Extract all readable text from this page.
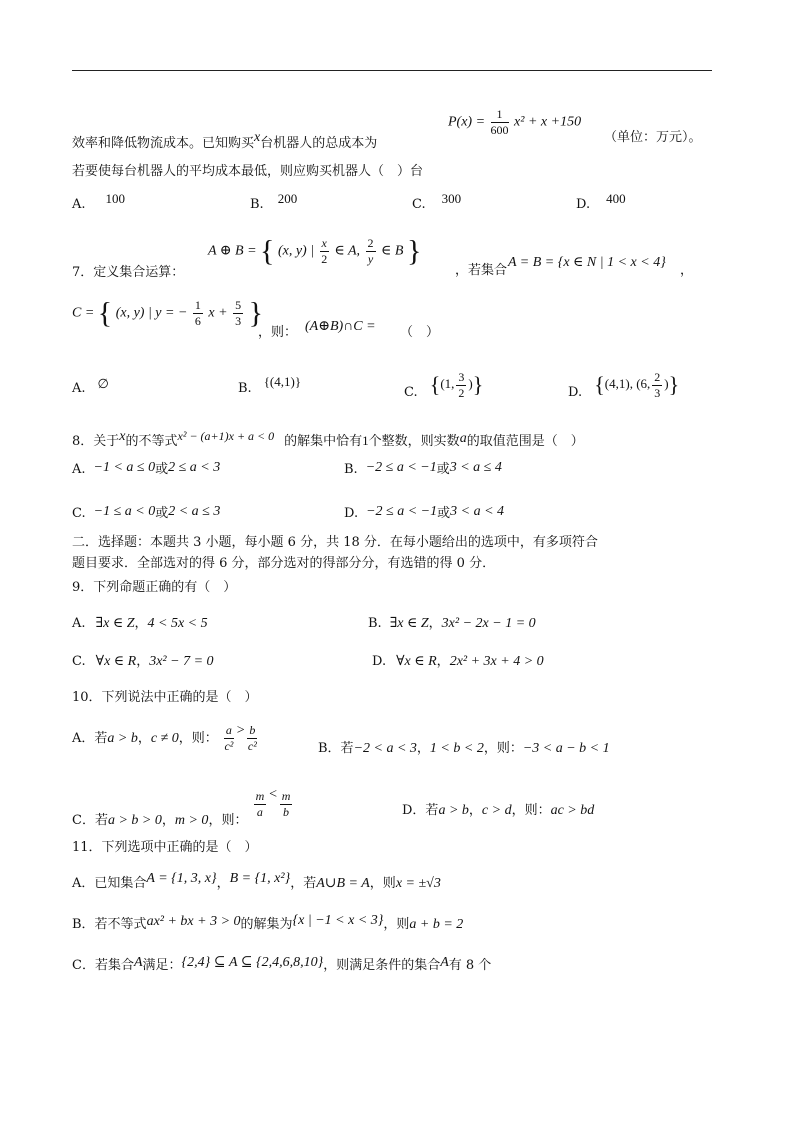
$P(x) = \frac{1}{600} x^2 + x +150$
效率和降低物流成本。已知购买x台机器人的总成本为	（单位：万元）。
若要使每台机器人的平均成本最低，则应购买机器人（　）台
A. 100	B. 200	C. 300	D. 400
7．定义集合运算：
A ⊕ B = { (x, y) | $\frac{x}{2}$ ∈ A, $\frac{2}{y}$ ∈ B }
，若集合
A = B = {x ∈ N | 1 < x < 4}
，
C = { (x, y) | y = − $\frac{1}{6}$ $x + \frac{5}{3}$ }
，则： (A⊕B)∩C = （　）
A. ∅	B. {(4,1)}
C. {(1, $\frac{3}{2}$ )}	D. {(4,1), (6, $\frac{2}{3}$ )}
8．关于x的不等式x² − (a+1)x + a < 0 的解集中恰有1个整数，则实数a的取值范围是（　）
A. −1 < a ≤ 0或2 ≤ a < 3	B. −2 ≤ a < −1或3 < a ≤ 4
C. −1 ≤ a < 0或2 < a ≤ 3	D. −2 ≤ a < −1或3 < a < 4
二．选择题：本题共 3 小题，每小题 6 分，共 18 分．在每小题给出的选项中，有多项符合
题目要求．全部选对的得 6 分，部分选对的得部分分，有选错的得 0 分．
9．下列命题正确的有（　）
A. ∃x ∈ Z，4 < 5x < 5	B. ∃x ∈ Z，3x² − 2x − 1 = 0
C. ∀x ∈ R，3x² − 7 = 0	D. ∀x ∈ R，2x² + 3x + 4 > 0
10．下列说法中正确的是（　）
A．若a > b，c ≠ 0，则： $\frac{a}{\text{c²}} > \frac{b}{\text{c²}}$	B．若−2 < a < 3，1 < b < 2，则：−3 < a − b < 1
C．若a > b > 0，m > 0，则：
$\frac{m}{a} < \frac{m}{b}$	D．若a > b，c > d，则：ac > bd
11．下列选项中正确的是（　）
A．已知集合A = {1, 3, x}，B = {1, x²}，若A∪B = A，则x = ±√3
B．若不等式ax² + bx + 3 > 0的解集为{x | −1 < x < 3}，则a + b = 2
C．若集合A满足：{2,4} ⊆ A ⊆ {2,4,6,8,10}，则满足条件的集合A有 8 个
